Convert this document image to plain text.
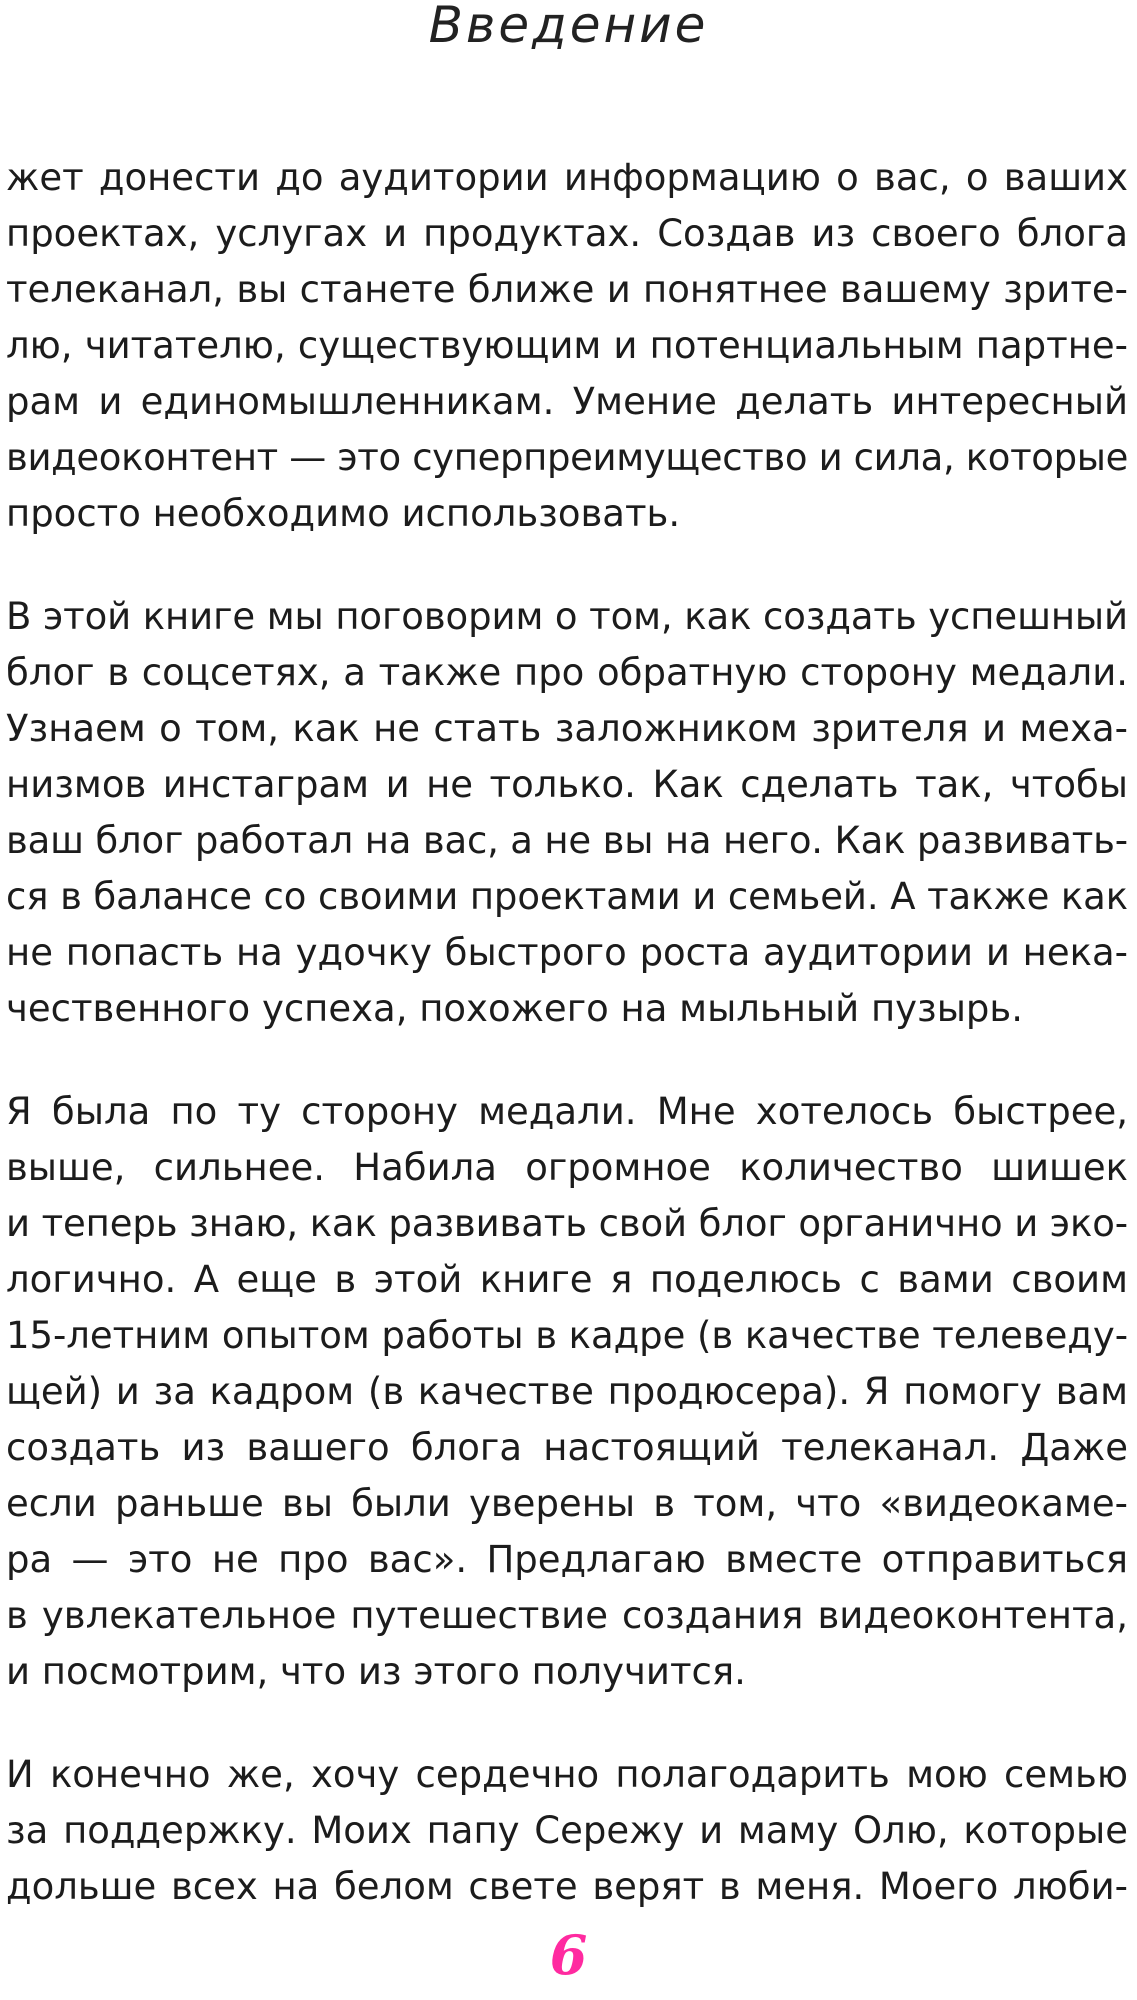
Введение
жет донести до аудитории информацию о вас, о ваших
проектах, услугах и продуктах. Создав из своего блога
телеканал, вы станете ближе и понятнее вашему зрите-
лю, читателю, существующим и потенциальным партне-
рам и единомышленникам. Умение делать интересный
видеоконтент — это суперпреимущество и сила, которые
просто необходимо использовать.
В этой книге мы поговорим о том, как создать успешный
блог в соцсетях, а также про обратную сторону медали.
Узнаем о том, как не стать заложником зрителя и меха-
низмов инстаграм и не только. Как сделать так, чтобы
ваш блог работал на вас, а не вы на него. Как развивать-
ся в балансе со своими проектами и семьей. А также как
не попасть на удочку быстрого роста аудитории и нека-
чественного успеха, похожего на мыльный пузырь.
Я была по ту сторону медали. Мне хотелось быстрее,
выше, сильнее. Набила огромное количество шишек
и теперь знаю, как развивать свой блог органично и эко-
логично. А еще в этой книге я поделюсь с вами своим
15-летним опытом работы в кадре (в качестве телеведу-
щей) и за кадром (в качестве продюсера). Я помогу вам
создать из вашего блога настоящий телеканал. Даже
если раньше вы были уверены в том, что «видеокаме-
ра — это не про вас». Предлагаю вместе отправиться
в увлекательное путешествие создания видеоконтента,
и посмотрим, что из этого получится.
И конечно же, хочу сердечно полагодарить мою семью
за поддержку. Моих папу Сережу и маму Олю, которые
дольше всех на белом свете верят в меня. Моего люби-
6
